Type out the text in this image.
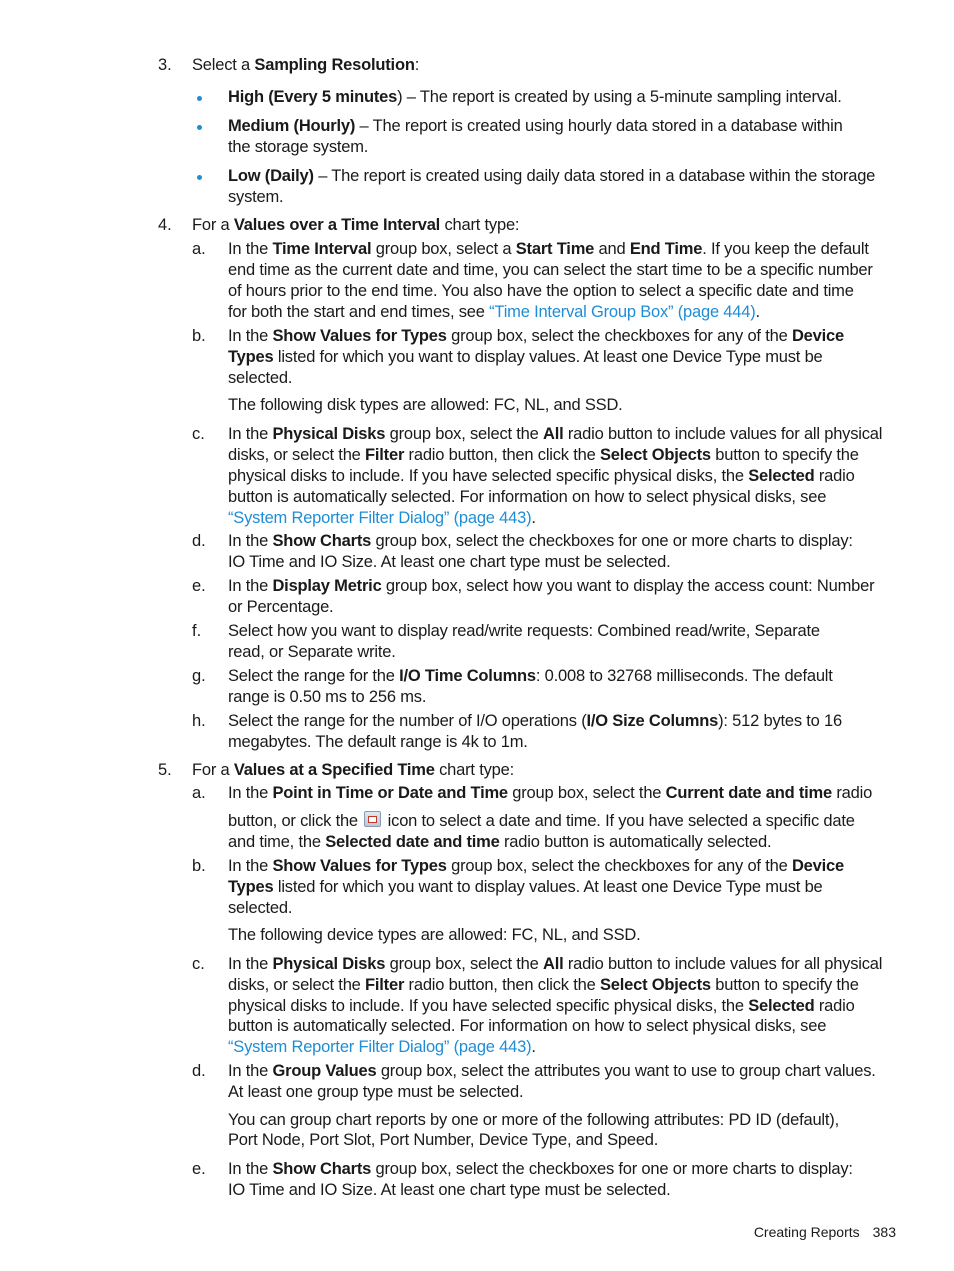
3. Select a Sampling Resolution:
High (Every 5 minutes) – The report is created by using a 5-minute sampling interval.
Medium (Hourly) – The report is created using hourly data stored in a database within
the storage system.
Low (Daily) – The report is created using daily data stored in a database within the storage
system.
4. For a Values over a Time Interval chart type:
a. In the Time Interval group box, select a Start Time and End Time. If you keep the default
end time as the current date and time, you can select the start time to be a specific number
of hours prior to the end time. You also have the option to select a specific date and time
for both the start and end times, see “Time Interval Group Box” (page 444).
b. In the Show Values for Types group box, select the checkboxes for any of the Device
Types listed for which you want to display values. At least one Device Type must be
selected.
The following disk types are allowed: FC, NL, and SSD.
c. In the Physical Disks group box, select the All radio button to include values for all physical
disks, or select the Filter radio button, then click the Select Objects button to specify the
physical disks to include. If you have selected specific physical disks, the Selected radio
button is automatically selected. For information on how to select physical disks, see
“System Reporter Filter Dialog” (page 443).
d. In the Show Charts group box, select the checkboxes for one or more charts to display:
IO Time and IO Size. At least one chart type must be selected.
e. In the Display Metric group box, select how you want to display the access count: Number
or Percentage.
f. Select how you want to display read/write requests: Combined read/write, Separate
read, or Separate write.
g. Select the range for the I/O Time Columns: 0.008 to 32768 milliseconds. The default
range is 0.50 ms to 256 ms.
h. Select the range for the number of I/O operations (I/O Size Columns): 512 bytes to 16
megabytes. The default range is 4k to 1m.
5. For a Values at a Specified Time chart type:
a. In the Point in Time or Date and Time group box, select the Current date and time radio
button, or click the  icon to select a date and time. If you have selected a specific date
and time, the Selected date and time radio button is automatically selected.
b. In the Show Values for Types group box, select the checkboxes for any of the Device
Types listed for which you want to display values. At least one Device Type must be
selected.
The following device types are allowed: FC, NL, and SSD.
c. In the Physical Disks group box, select the All radio button to include values for all physical
disks, or select the Filter radio button, then click the Select Objects button to specify the
physical disks to include. If you have selected specific physical disks, the Selected radio
button is automatically selected. For information on how to select physical disks, see
“System Reporter Filter Dialog” (page 443).
d. In the Group Values group box, select the attributes you want to use to group chart values.
At least one group type must be selected.
You can group chart reports by one or more of the following attributes: PD ID (default),
Port Node, Port Slot, Port Number, Device Type, and Speed.
e. In the Show Charts group box, select the checkboxes for one or more charts to display:
IO Time and IO Size. At least one chart type must be selected.
Creating Reports 383
